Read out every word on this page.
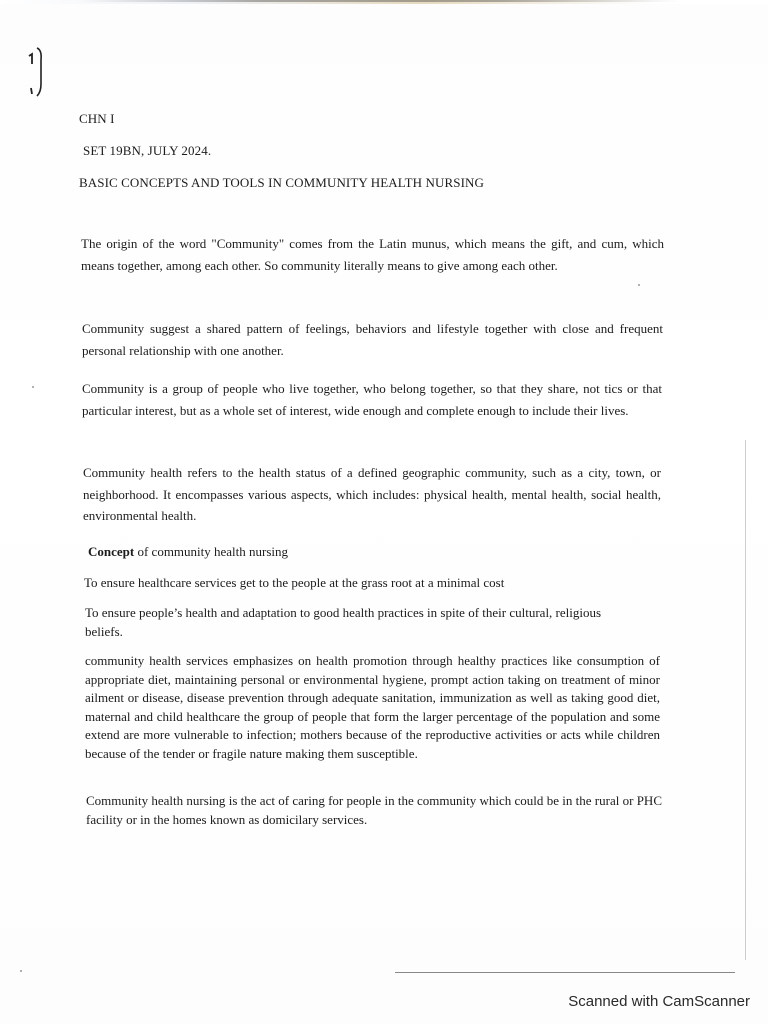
CHN I
SET 19BN, JULY 2024.
BASIC CONCEPTS AND TOOLS IN COMMUNITY HEALTH NURSING

The origin of the word "Community" comes from the Latin munus, which means the gift, and cum, which means together, among each other. So community literally means to give among each other.

Community suggest a shared pattern of feelings, behaviors and lifestyle together with close and frequent personal relationship with one another.

Community is a group of people who live together, who belong together, so that they share, not tics or that particular interest, but as a whole set of interest, wide enough and complete enough to include their lives.

Community health refers to the health status of a defined geographic community, such as a city, town, or neighborhood. It encompasses various aspects, which includes: physical health, mental health, social health, environmental health.

Concept of community health nursing

To ensure healthcare services get to the people at the grass root at a minimal cost

To ensure people’s health and adaptation to good health practices in spite of their cultural, religious beliefs.

community health services emphasizes on health promotion through healthy practices like consumption of appropriate diet, maintaining personal or environmental hygiene, prompt action taking on treatment of minor ailment or disease, disease prevention through adequate sanitation, immunization as well as taking good diet, maternal and child healthcare the group of people that form the larger percentage of the population and some extend are more vulnerable to infection; mothers because of the reproductive activities or acts while children because of the tender or fragile nature making them susceptible.

Community health nursing is the act of caring for people in the community which could be in the rural or PHC facility or in the homes known as domicilary services.

Scanned with CamScanner
